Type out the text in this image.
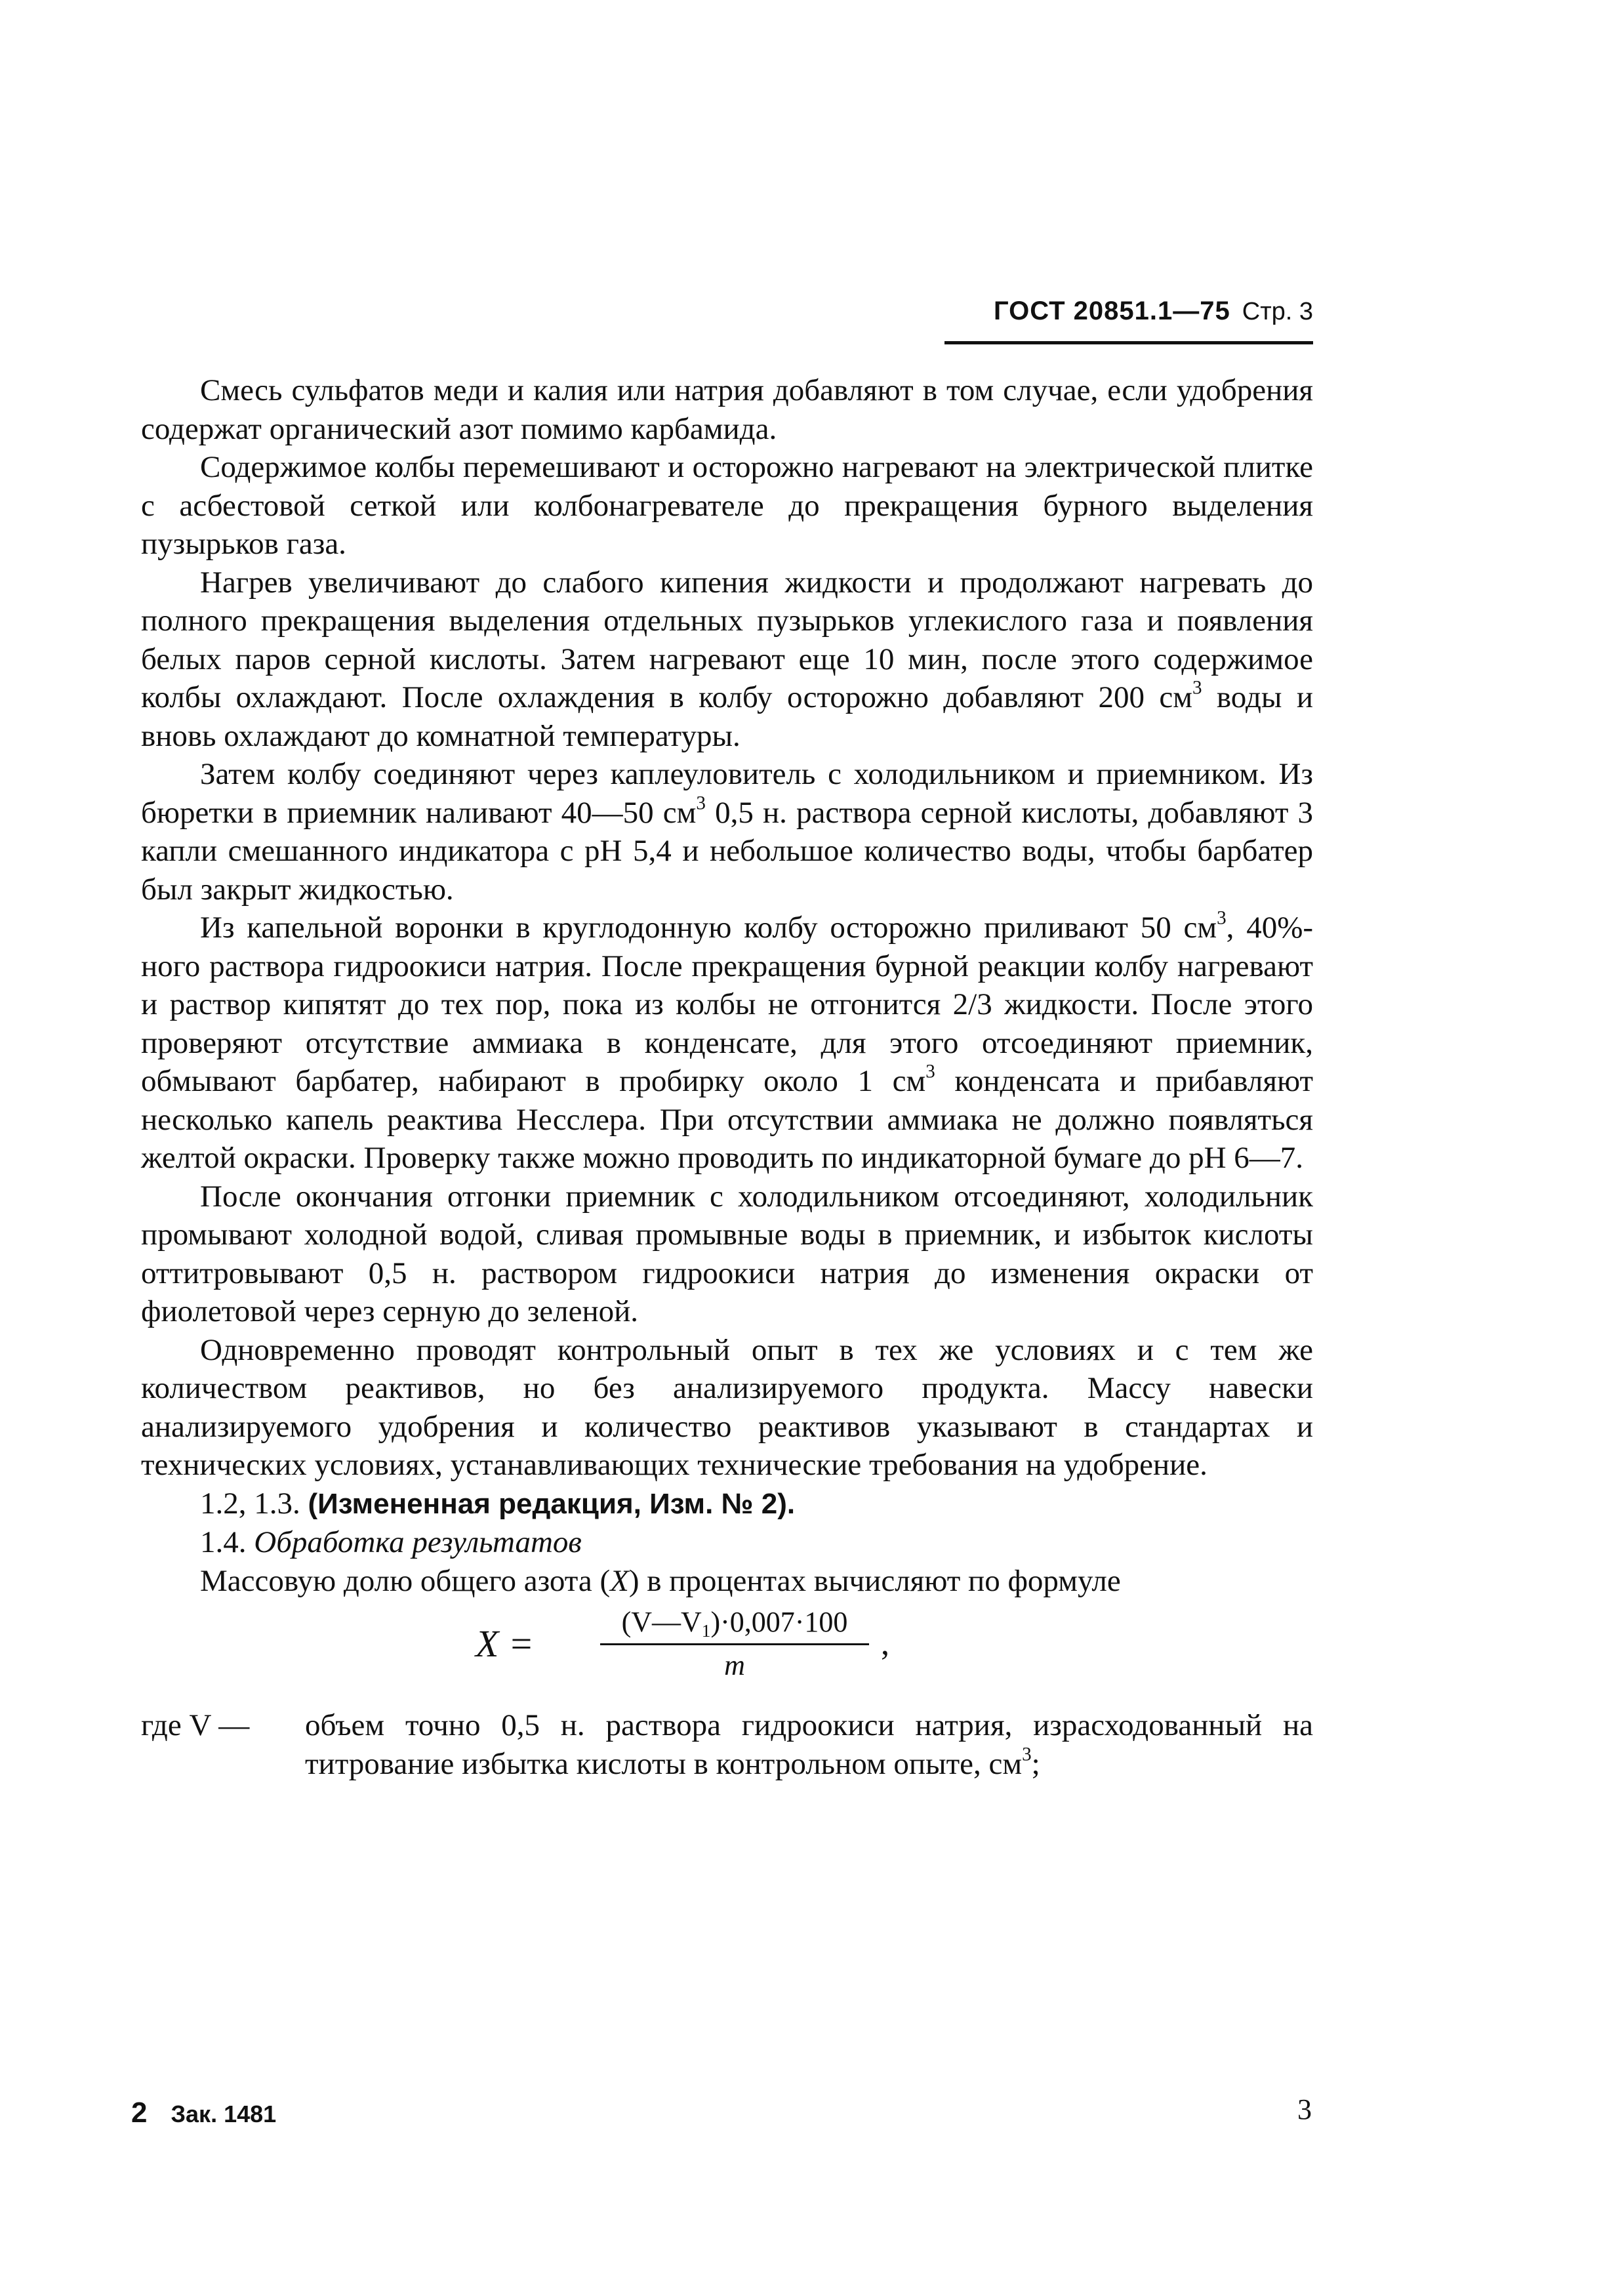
ГОСТ 20851.1—75 Стр. 3

Смесь сульфатов меди и калия или натрия добавляют в том случае, если удобрения содержат органический азот помимо карбамида.

Содержимое колбы перемешивают и осторожно нагревают на электрической плитке с асбестовой сеткой или колбонагревателе до прекращения бурного выделения пузырьков газа.

Нагрев увеличивают до слабого кипения жидкости и продолжают нагревать до полного прекращения выделения отдельных пузырьков углекислого газа и появления белых паров серной кислоты. Затем нагревают еще 10 мин, после этого содержимое колбы охлаждают. После охлаждения в колбу осторожно добавляют 200 $см^3$ воды и вновь охлаждают до комнатной температуры.

Затем колбу соединяют через каплеуловитель с холодильником и приемником. Из бюретки в приемник наливают 40—50 $см^3$ 0,5 н. раствора серной кислоты, добавляют 3 капли смешанного индикатора с pH 5,4 и небольшое количество воды, чтобы барбатер был закрыт жидкостью.

Из капельной воронки в круглодонную колбу осторожно приливают 50 $см^3$, 40%-ного раствора гидроокиси натрия. После прекращения бурной реакции колбу нагревают и раствор кипятят до тех пор, пока из колбы не отгонится 2/3 жидкости. После этого проверяют отсутствие аммиака в конденсате, для этого отсоединяют приемник, обмывают барбатер, набирают в пробирку около 1 $см^3$ конденсата и прибавляют несколько капель реактива Несслера. При отсутствии аммиака не должно появляться желтой окраски. Проверку также можно проводить по индикаторной бумаге до pH 6—7.

После окончания отгонки приемник с холодильником отсоединяют, холодильник промывают холодной водой, сливая промывные воды в приемник, и избыток кислоты оттитровывают 0,5 н. раствором гидроокиси натрия до изменения окраски от фиолетовой через серную до зеленой.

Одновременно проводят контрольный опыт в тех же условиях и с тем же количеством реактивов, но без анализируемого продукта. Массу навески анализируемого удобрения и количество реактивов указывают в стандартах и технических условиях, устанавливающих технические требования на удобрение.

1.2, 1.3. (Измененная редакция, Изм. № 2).

1.4. Обработка результатов

Массовую долю общего азота (X) в процентах вычисляют по формуле

X =
$(V—V_1)\cdot 0,007\cdot 100$
m
,
где V — объем точно 0,5 н. раствора гидроокиси натрия, израсходованный на титрование избытка кислоты в контрольном опыте, $см^3$;
2 Зак. 1481	3
